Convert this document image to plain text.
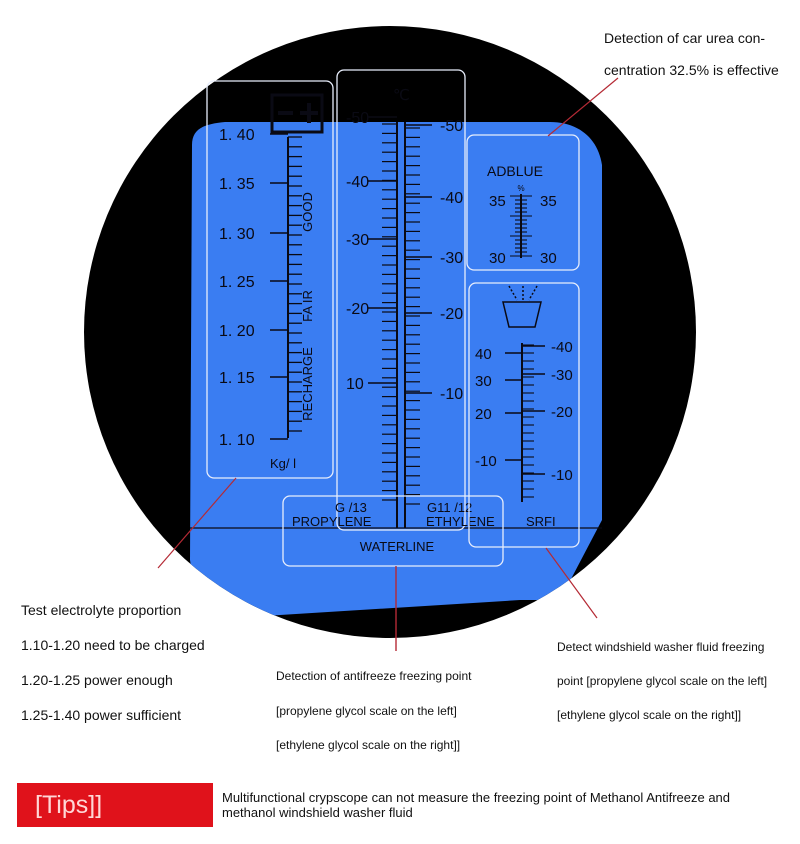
1. 40
1. 35
1. 30
1. 25
1. 20
1. 15
1. 10
GOOD
FA IR
RECHARGE
Kg/ l
℃
-50
-40
-30
-20
10
-50
-40
-30
-20
-10
G /13	G11 /12
PROPYLENE	ETHYLENE
WATERLINE
ADBLUE
%
35
30
35
30
40
30
20
-10
-40
-30
-20
-10
SRFI
Detection of car urea con-
centration 32.5% is effective
Test electrolyte proportion
1.10-1.20 need to be charged
1.20-1.25 power enough
1.25-1.40 power sufficient
Detection of antifreeze freezing point
[propylene glycol scale on the left]
[ethylene glycol scale on the right]]
Detect windshield washer fluid freezing
point [propylene glycol scale on the left]
[ethylene glycol scale on the right]]
[Tips]]	Multifunctional crypscope can not measure the freezing point of Methanol Antifreeze and methanol windshield washer fluid
